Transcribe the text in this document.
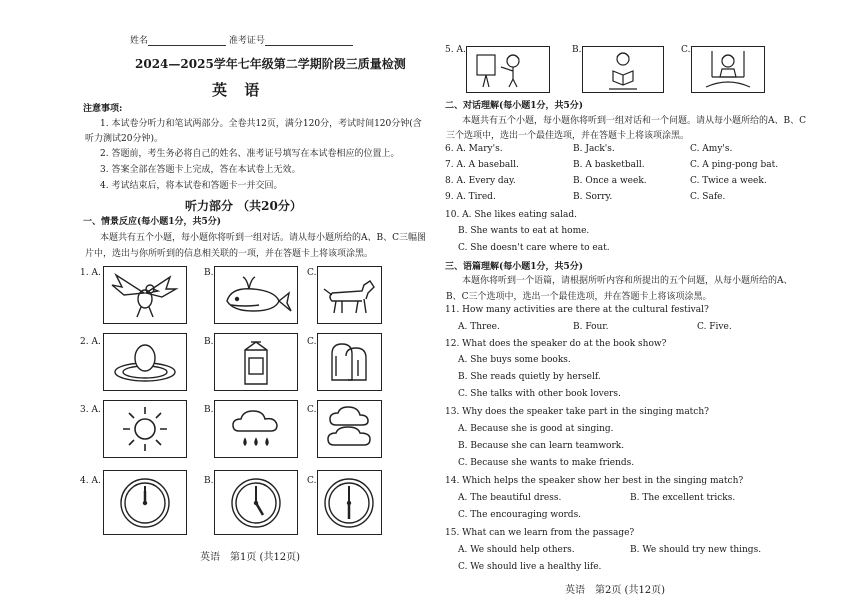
姓名	准考证号
2024—2025学年七年级第二学期阶段三质量检测
英 语
注意事项:
1. 本试卷分听力和笔试两部分。全卷共12页，满分120分，考试时间120分钟(含
听力测试20分钟)。
2. 答题前，考生务必将自己的姓名、准考证号填写在本试卷相应的位置上。
3. 答案全部在答题卡上完成，答在本试卷上无效。
4. 考试结束后，将本试卷和答题卡一并交回。
听力部分 （共20分）
一、情景反应(每小题1分，共5分)
本题共有五个小题，每小题你将听到一组对话。请从每小题所给的A、B、C三幅图
片中，选出与你所听到的信息相关联的一项，并在答题卡上将该项涂黑。
1. A.	B.	C.
2. A.	B.	C.
3. A.	B.	C.
4. A.	B.	C.
英语　第1页 (共12页)
5. A.	B.	C.
二、对话理解(每小题1分，共5分)
本题共有五个小题，每小题你将听到一组对话和一个问题。请从每小题所给的A、B、C
三个选项中，选出一个最佳选项，并在答题卡上将该项涂黑。
6. A. Mary's.	B. Jack's.	C. Amy's.
7. A. A baseball.	B. A basketball.	C. A ping-pong bat.
8. A. Every day.	B. Once a week.	C. Twice a week.
9. A. Tired.	B. Sorry.	C. Safe.
10. A. She likes eating salad.
B. She wants to eat at home.
C. She doesn't care where to eat.
三、语篇理解(每小题1分，共5分)
本题你将听到一个语篇，请根据所听内容和所提出的五个问题，从每小题所给的A、
B、C三个选项中，选出一个最佳选项，并在答题卡上将该项涂黑。
11. How many activities are there at the cultural festival?
A. Three.	B. Four.	C. Five.
12. What does the speaker do at the book show?
A. She buys some books.
B. She reads quietly by herself.
C. She talks with other book lovers.
13. Why does the speaker take part in the singing match?
A. Because she is good at singing.
B. Because she can learn teamwork.
C. Because she wants to make friends.
14. Which helps the speaker show her best in the singing match?
A. The beautiful dress.	B. The excellent tricks.
C. The encouraging words.
15. What can we learn from the passage?
A. We should help others.	B. We should try new things.
C. We should live a healthy life.
英语　第2页 (共12页)
